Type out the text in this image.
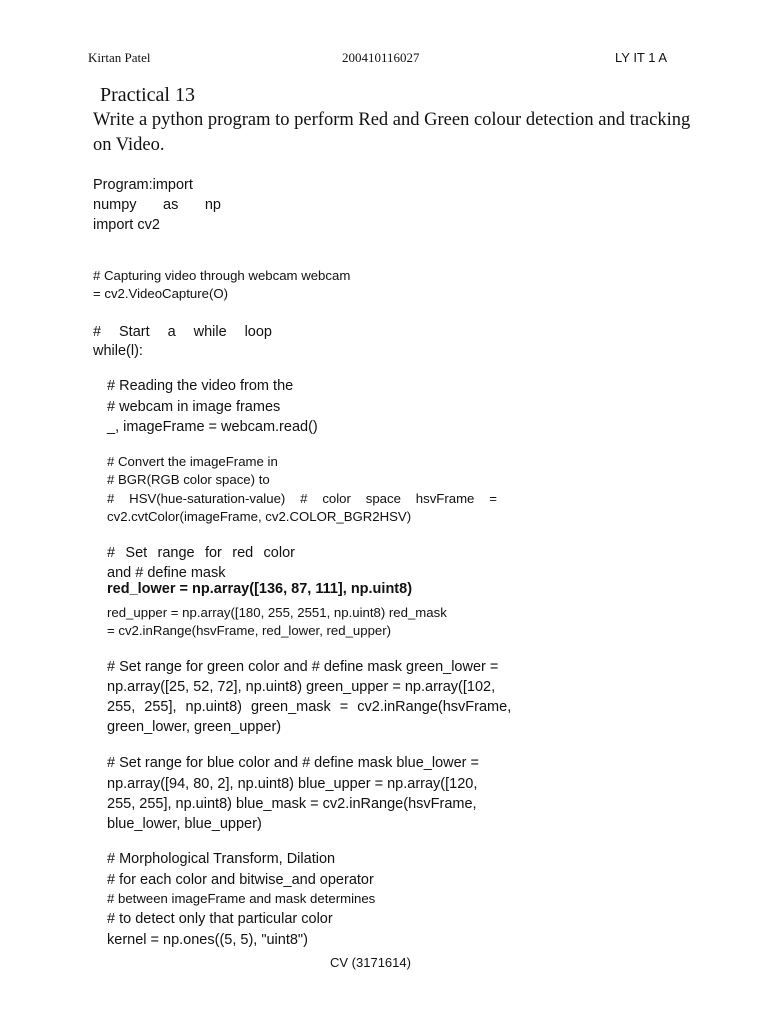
Kirtan Patel	200410116027	LY IT 1 A
Practical 13
Write a python program to perform Red and Green colour detection and tracking on Video.
Program:import
numpy as np
import cv2
# Capturing video through webcam webcam
= cv2.VideoCapture(O)
# Start a while loop
while(l):
# Reading the video from the
# webcam in image frames
_, imageFrame = webcam.read()
# Convert the imageFrame in
# BGR(RGB color space) to
# HSV(hue-saturation-value) # color space hsvFrame =
cv2.cvtColor(imageFrame, cv2.COLOR_BGR2HSV)
# Set range for red color
and # define mask
red_lower = np.array([136, 87, 111], np.uint8)
red_upper = np.array([180, 255, 2551, np.uint8) red_mask
= cv2.inRange(hsvFrame, red_lower, red_upper)
# Set range for green color and # define mask green_lower =
np.array([25, 52, 72], np.uint8) green_upper = np.array([102,
255, 255], np.uint8) green_mask = cv2.inRange(hsvFrame,
green_lower, green_upper)
# Set range for blue color and # define mask blue_lower =
np.array([94, 80, 2], np.uint8) blue_upper = np.array([120,
255, 255], np.uint8) blue_mask = cv2.inRange(hsvFrame,
blue_lower, blue_upper)
# Morphological Transform, Dilation
# for each color and bitwise_and operator
# between imageFrame and mask determines
# to detect only that particular color
kernel = np.ones((5, 5), "uint8")
CV (3171614)
